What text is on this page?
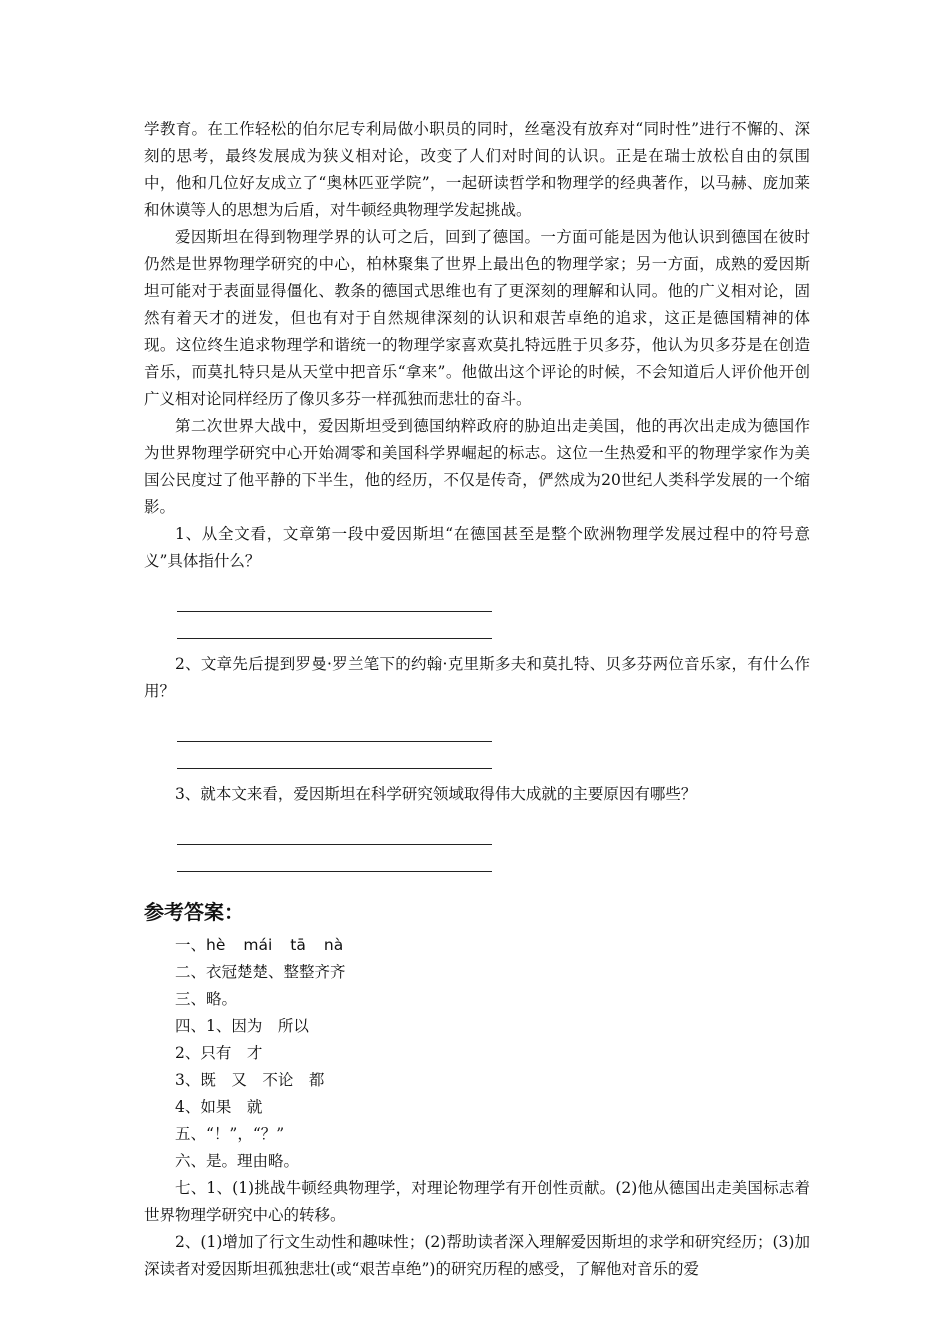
学教育。在工作轻松的伯尔尼专利局做小职员的同时，丝毫没有放弃对“同时性”进行不懈的、深刻的思考，最终发展成为狭义相对论，改变了人们对时间的认识。正是在瑞士放松自由的氛围中，他和几位好友成立了“奥林匹亚学院”，一起研读哲学和物理学的经典著作，以马赫、庞加莱和休谟等人的思想为后盾，对牛顿经典物理学发起挑战。

爱因斯坦在得到物理学界的认可之后，回到了德国。一方面可能是因为他认识到德国在彼时仍然是世界物理学研究的中心，柏林聚集了世界上最出色的物理学家；另一方面，成熟的爱因斯坦可能对于表面显得僵化、教条的德国式思维也有了更深刻的理解和认同。他的广义相对论，固然有着天才的迸发，但也有对于自然规律深刻的认识和艰苦卓绝的追求，这正是德国精神的体现。这位终生追求物理学和谐统一的物理学家喜欢莫扎特远胜于贝多芬，他认为贝多芬是在创造音乐，而莫扎特只是从天堂中把音乐“拿来”。他做出这个评论的时候，不会知道后人评价他开创广义相对论同样经历了像贝多芬一样孤独而悲壮的奋斗。

第二次世界大战中，爱因斯坦受到德国纳粹政府的胁迫出走美国，他的再次出走成为德国作为世界物理学研究中心开始凋零和美国科学界崛起的标志。这位一生热爱和平的物理学家作为美国公民度过了他平静的下半生，他的经历，不仅是传奇，俨然成为20世纪人类科学发展的一个缩影。

1、从全文看，文章第一段中爱因斯坦“在德国甚至是整个欧洲物理学发展过程中的符号意义”具体指什么？

2、文章先后提到罗曼·罗兰笔下的约翰·克里斯多夫和莫扎特、贝多芬两位音乐家，有什么作用？

3、就本文来看，爱因斯坦在科学研究领域取得伟大成就的主要原因有哪些？

参考答案：

一、hè mái tā nà

二、衣冠楚楚、整整齐齐

三、略。

四、1、因为　所以

2、只有　才

3、既　又　不论　都

4、如果　就

五、“！”，“？”

六、是。理由略。

七、1、(1)挑战牛顿经典物理学，对理论物理学有开创性贡献。(2)他从德国出走美国标志着世界物理学研究中心的转移。

2、(1)增加了行文生动性和趣味性；(2)帮助读者深入理解爱因斯坦的求学和研究经历；(3)加深读者对爱因斯坦孤独悲壮(或“艰苦卓绝”)的研究历程的感受，了解他对音乐的爱
